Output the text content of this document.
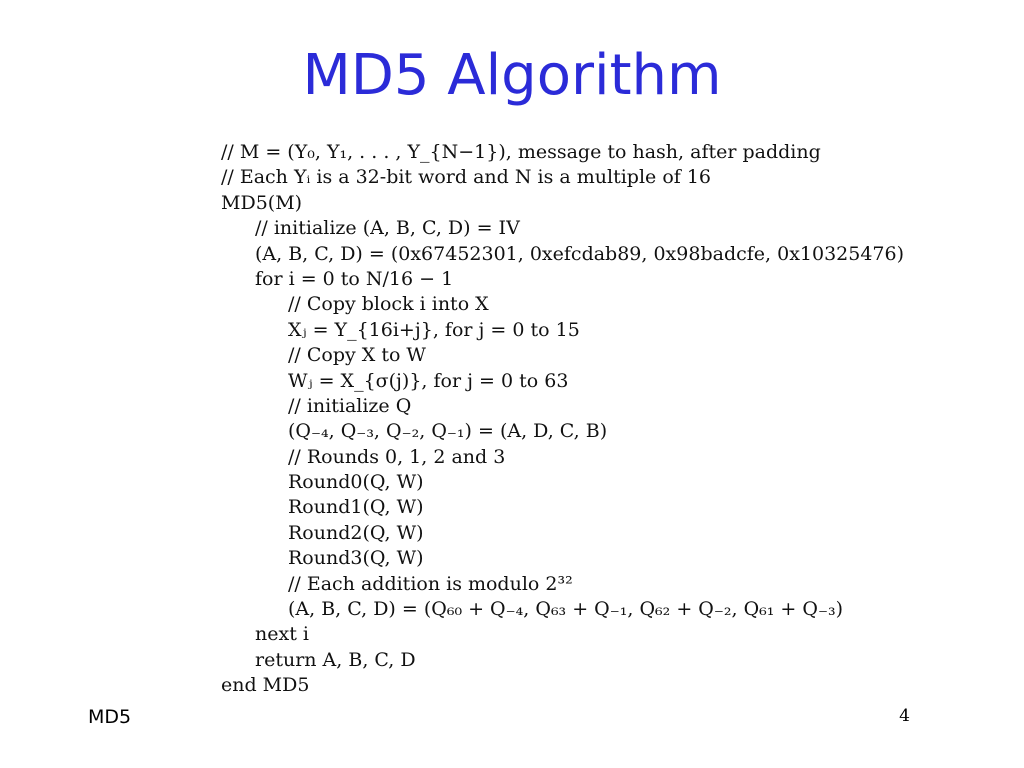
MD5 Algorithm
// M = (Y₀, Y₁, . . . , Y_{N−1}), message to hash, after padding
// Each Yᵢ is a 32-bit word and N is a multiple of 16
MD5(M)
// initialize (A, B, C, D) = IV
(A, B, C, D) = (0x67452301, 0xefcdab89, 0x98badcfe, 0x10325476)
for i = 0 to N/16 − 1
// Copy block i into X
Xⱼ = Y_{16i+j}, for j = 0 to 15
// Copy X to W
Wⱼ = X_{σ(j)}, for j = 0 to 63
// initialize Q
(Q₋₄, Q₋₃, Q₋₂, Q₋₁) = (A, D, C, B)
// Rounds 0, 1, 2 and 3
Round0(Q, W)
Round1(Q, W)
Round2(Q, W)
Round3(Q, W)
// Each addition is modulo 2³²
(A, B, C, D) = (Q₆₀ + Q₋₄, Q₆₃ + Q₋₁, Q₆₂ + Q₋₂, Q₆₁ + Q₋₃)
next i
return A, B, C, D
end MD5
MD5	4
